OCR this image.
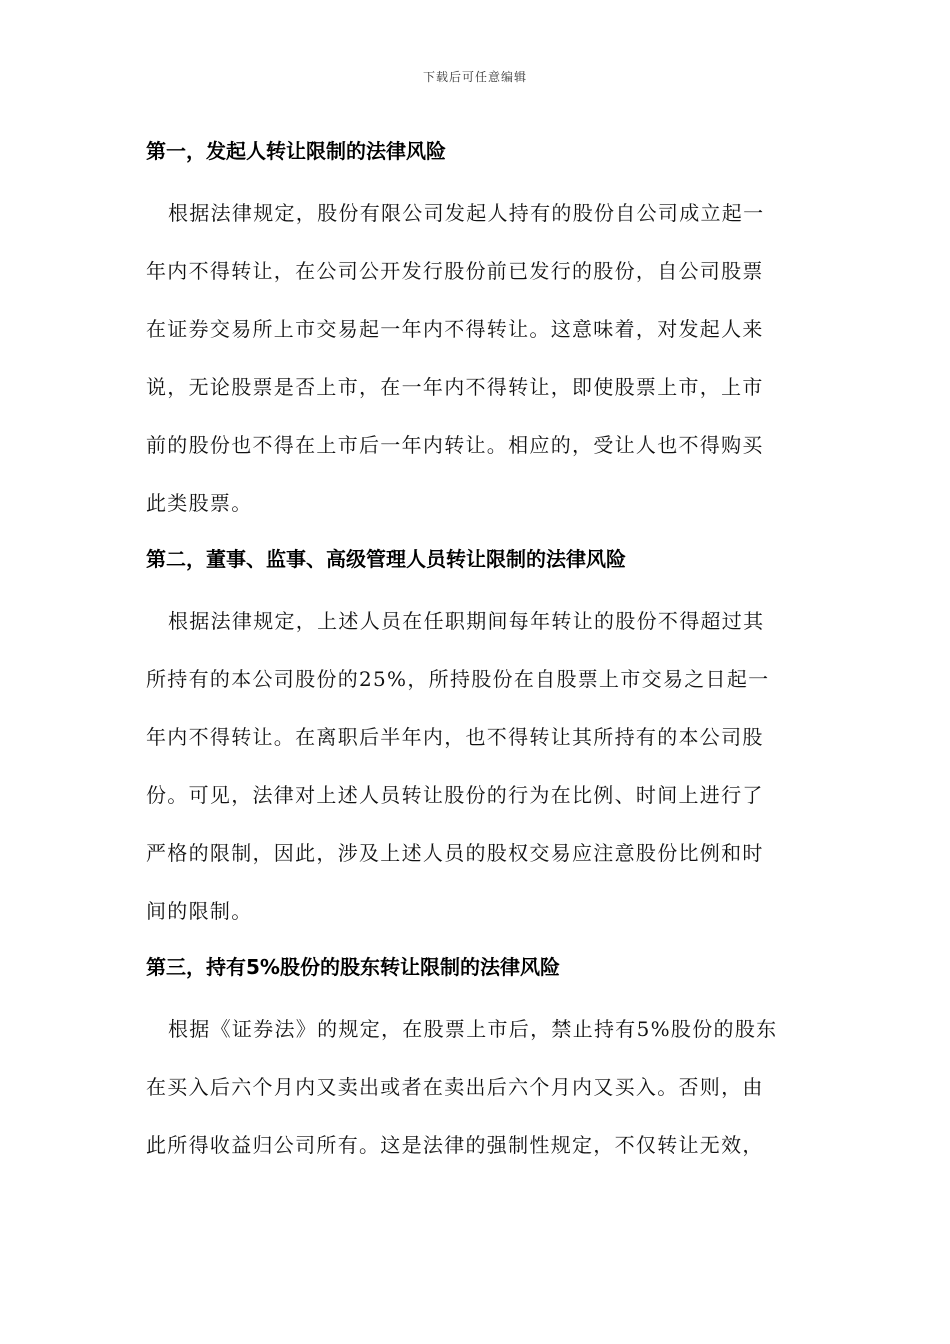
下载后可任意编辑
第一，发起人转让限制的法律风险
根据法律规定，股份有限公司发起人持有的股份自公司成立起一
年内不得转让，在公司公开发行股份前已发行的股份，自公司股票
在证券交易所上市交易起一年内不得转让。这意味着，对发起人来
说，无论股票是否上市，在一年内不得转让，即使股票上市，上市
前的股份也不得在上市后一年内转让。相应的，受让人也不得购买
此类股票。
第二，董事、监事、高级管理人员转让限制的法律风险
根据法律规定，上述人员在任职期间每年转让的股份不得超过其
所持有的本公司股份的25%，所持股份在自股票上市交易之日起一
年内不得转让。在离职后半年内，也不得转让其所持有的本公司股
份。可见，法律对上述人员转让股份的行为在比例、时间上进行了
严格的限制，因此，涉及上述人员的股权交易应注意股份比例和时
间的限制。
第三，持有5%股份的股东转让限制的法律风险
根据《证券法》的规定，在股票上市后，禁止持有5%股份的股东
在买入后六个月内又卖出或者在卖出后六个月内又买入。否则，由
此所得收益归公司所有。这是法律的强制性规定，不仅转让无效，
